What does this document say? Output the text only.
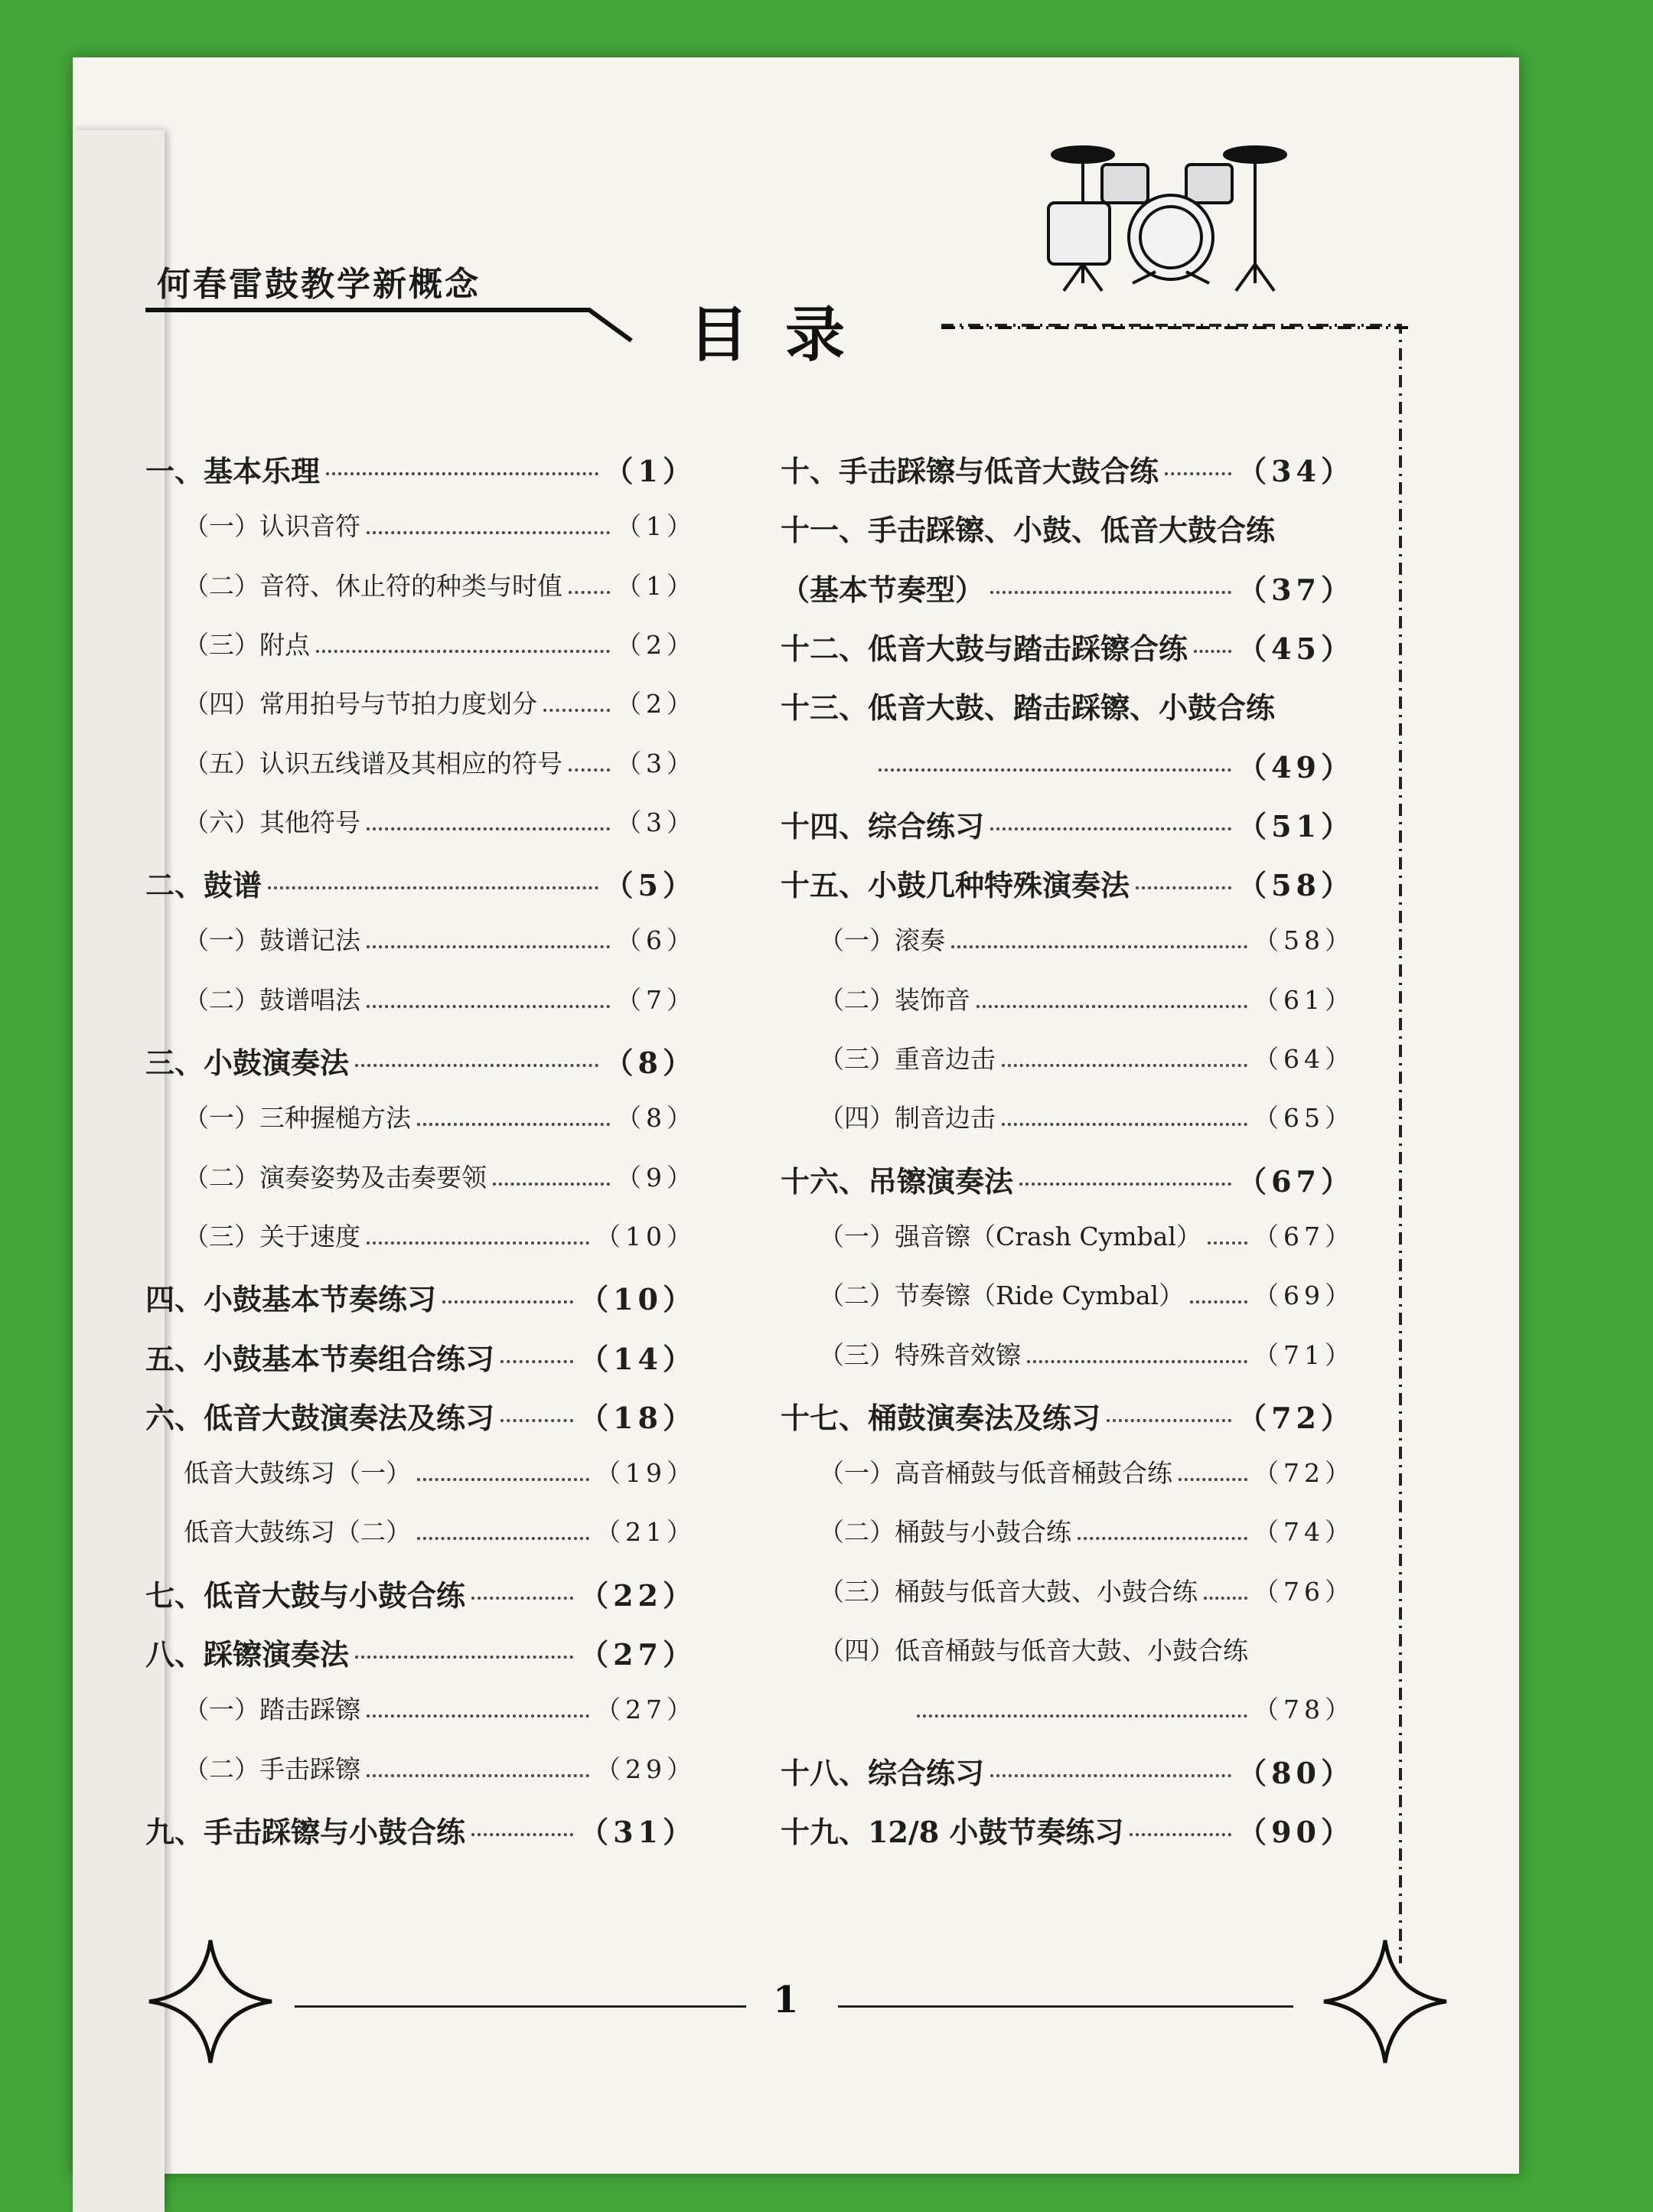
何春雷鼓教学新概念
目录
一、基本乐理	（1）
（一）认识音符	（1）
（二）音符、休止符的种类与时值 （1）
（三）附点	（2）
（四）常用拍号与节拍力度划分	（2）
（五）认识五线谱及其相应的符号 （3）
（六）其他符号	（3）
二、鼓谱	（5）
（一）鼓谱记法	（6）
（二）鼓谱唱法	（7）
三、小鼓演奏法	（8）
（一）三种握槌方法	（8）
（二）演奏姿势及击奏要领	（9）
（三）关于速度	（10）
四、小鼓基本节奏练习	（10）
五、小鼓基本节奏组合练习	（14）
六、低音大鼓演奏法及练习	（18）
低音大鼓练习（一）	（19）
低音大鼓练习（二）	（21）
七、低音大鼓与小鼓合练	（22）
八、踩镲演奏法	（27）
（一）踏击踩镲	（27）
（二）手击踩镲	（29）
九、手击踩镲与小鼓合练	（31）
十、手击踩镲与低音大鼓合练	（34）
十一、手击踩镲、小鼓、低音大鼓合练
（基本节奏型）	（37）
十二、低音大鼓与踏击踩镲合练 （45）
十三、低音大鼓、踏击踩镲、小鼓合练
（49）
十四、综合练习	（51）
十五、小鼓几种特殊演奏法	（58）
（一）滚奏	（58）
（二）装饰音	（61）
（三）重音边击	（64）
（四）制音边击	（65）
十六、吊镲演奏法	（67）
（一）强音镲（Crash Cymbal） （67）
（二）节奏镲（Ride Cymbal）	（69）
（三）特殊音效镲	（71）
十七、桶鼓演奏法及练习	（72）
（一）高音桶鼓与低音桶鼓合练	（72）
（二）桶鼓与小鼓合练	（74）
（三）桶鼓与低音大鼓、小鼓合练 （76）
（四）低音桶鼓与低音大鼓、小鼓合练
（78）
十八、综合练习	（80）
十九、12/8 小鼓节奏练习	（90）
1
